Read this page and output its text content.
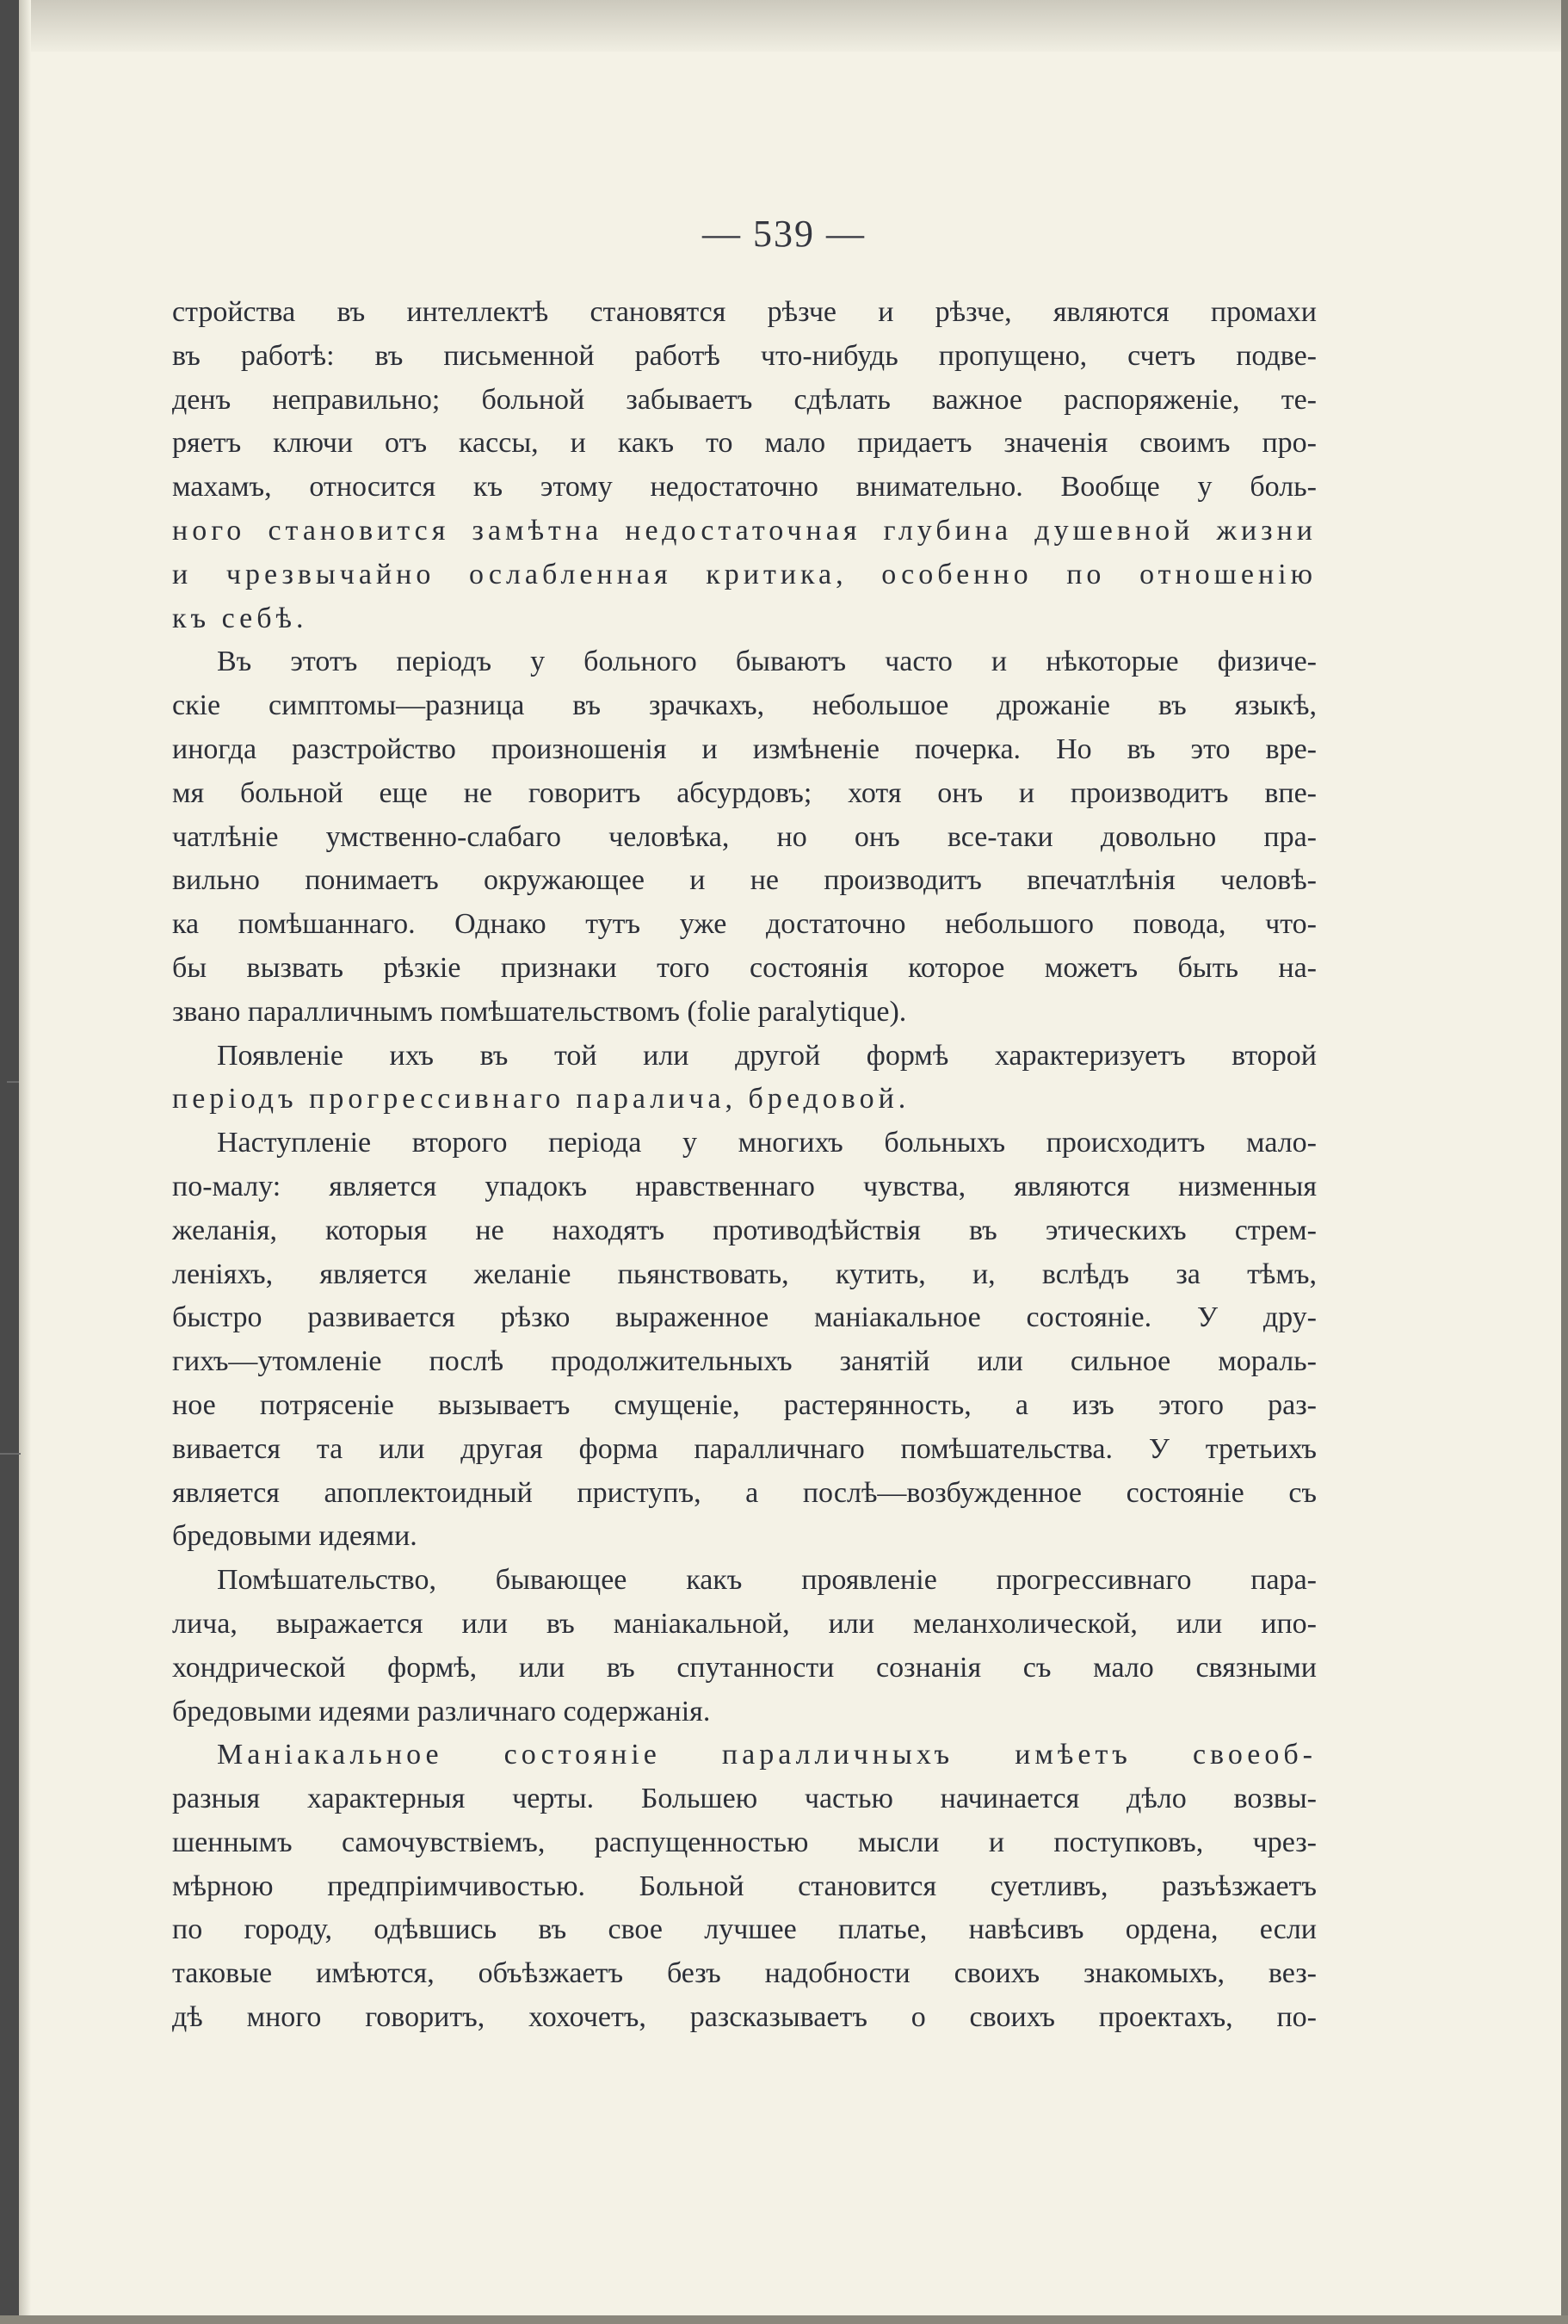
— 539 —

стройства въ интеллектѣ становятся рѣзче и рѣзче, являются промахи
въ работѣ: въ письменной работѣ что-нибудь пропущено, счетъ подве-
денъ неправильно; больной забываетъ сдѣлать важное распоряженіе, те-
ряетъ ключи отъ кассы, и какъ то мало придаетъ значенія своимъ про-
махамъ, относится къ этому недостаточно внимательно. Вообще у боль-
ного становится замѣтна недостаточная глубина душевной жизни
и чрезвычайно ослабленная критика, особенно по отношенію
къ себѣ.

Въ этотъ періодъ у больного бываютъ часто и нѣкоторые физиче-
скіе симптомы—разница въ зрачкахъ, небольшое дрожаніе въ языкѣ,
иногда разстройство произношенія и измѣненіе почерка. Но въ это вре-
мя больной еще не говоритъ абсурдовъ; хотя онъ и производитъ впе-
чатлѣніе умственно-слабаго человѣка, но онъ все-таки довольно пра-
вильно понимаетъ окружающее и не производитъ впечатлѣнія человѣ-
ка помѣшаннаго. Однако тутъ уже достаточно небольшого повода, что-
бы вызвать рѣзкіе признаки того состоянія которое можетъ быть на-
звано паралличнымъ помѣшательствомъ (folie paralytique).

Появленіе ихъ въ той или другой формѣ характеризуетъ второй
періодъ прогрессивнаго паралича, бредовой.

Наступленіе второго періода у многихъ больныхъ происходитъ мало-
по-малу: является упадокъ нравственнаго чувства, являются низменныя
желанія, которыя не находятъ противодѣйствія въ этическихъ стрем-
леніяхъ, является желаніе пьянствовать, кутить, и, вслѣдъ за тѣмъ,
быстро развивается рѣзко выраженное маніакальное состояніе. У дру-
гихъ—утомленіе послѣ продолжительныхъ занятій или сильное мораль-
ное потрясеніе вызываетъ смущеніе, растерянность, а изъ этого раз-
вивается та или другая форма паралличнаго помѣшательства. У третьихъ
является апоплектоидный приступъ, а послѣ—возбужденное состояніе съ
бредовыми идеями.

Помѣшательство, бывающее какъ проявленіе прогрессивнаго пара-
лича, выражается или въ маніакальной, или меланхолической, или ипо-
хондрической формѣ, или въ спутанности сознанія съ мало связными
бредовыми идеями различнаго содержанія.

Маніакальное состояніе паралличныхъ имѣетъ своеоб-
разныя характерныя черты. Большею частью начинается дѣло возвы-
шеннымъ самочувствіемъ, распущенностью мысли и поступковъ, чрез-
мѣрною предпріимчивостью. Больной становится суетливъ, разъѣзжаетъ
по городу, одѣвшись въ свое лучшее платье, навѣсивъ ордена, если
таковые имѣются, объѣзжаетъ безъ надобности своихъ знакомыхъ, вез-
дѣ много говоритъ, хохочетъ, разсказываетъ о своихъ проектахъ, по-
